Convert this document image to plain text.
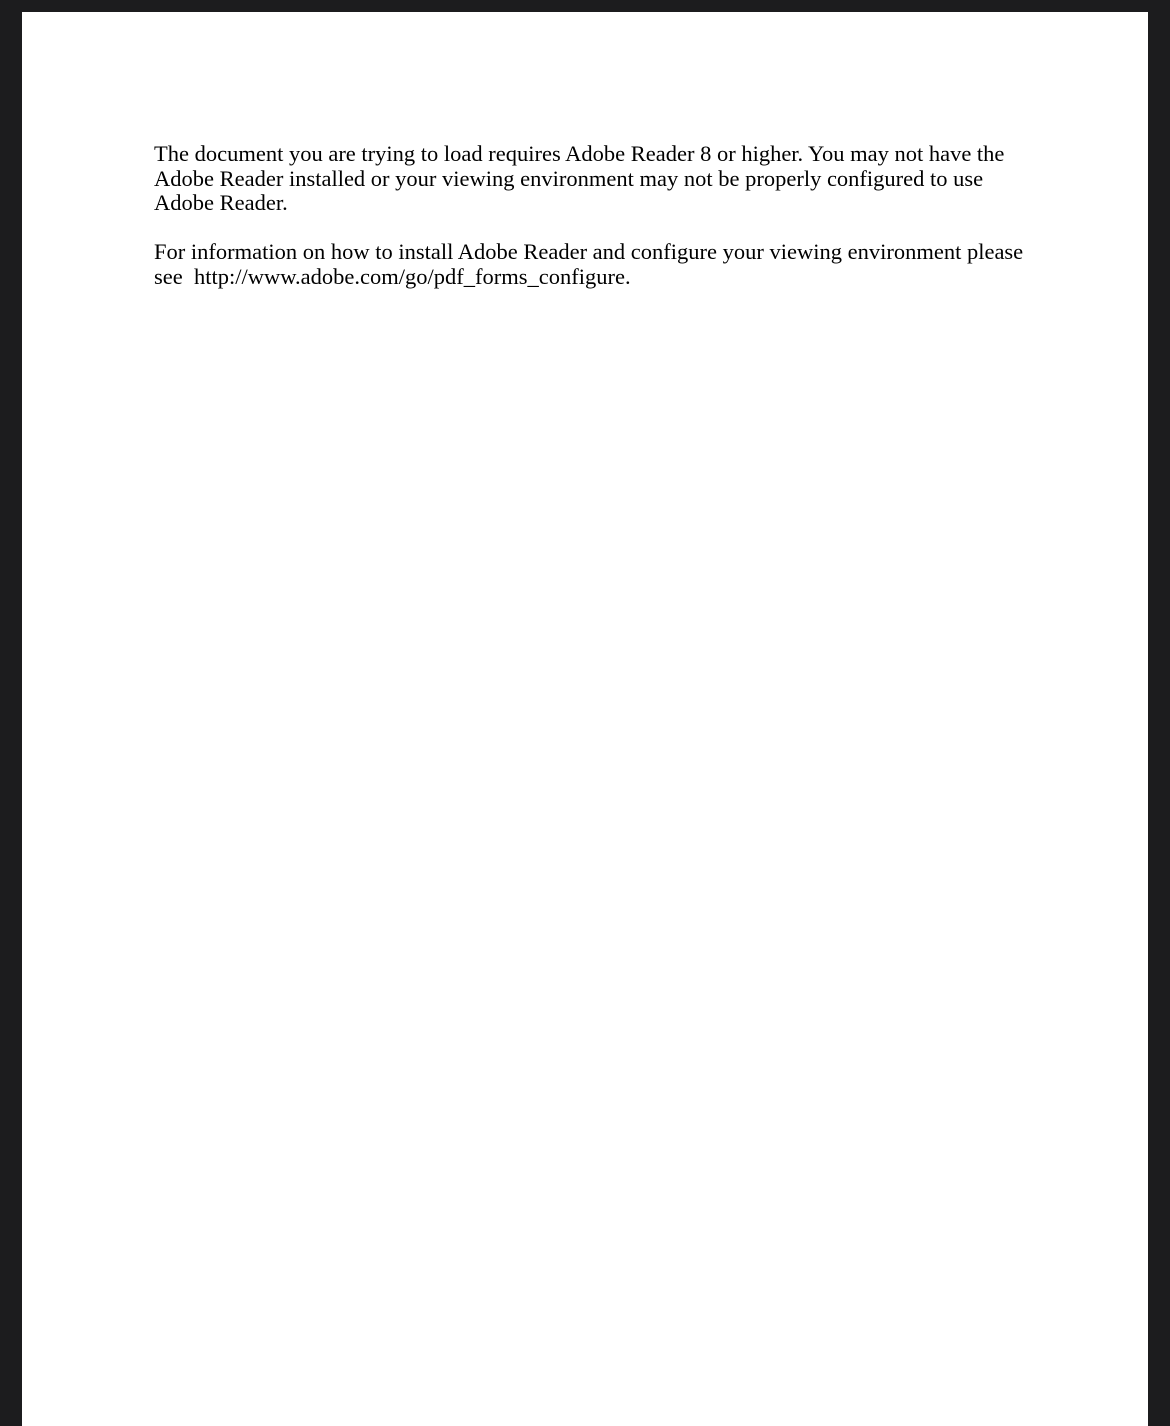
The document you are trying to load requires Adobe Reader 8 or higher. You may not have the
Adobe Reader installed or your viewing environment may not be properly configured to use
Adobe Reader.

For information on how to install Adobe Reader and configure your viewing environment please
see  http://www.adobe.com/go/pdf_forms_configure.
